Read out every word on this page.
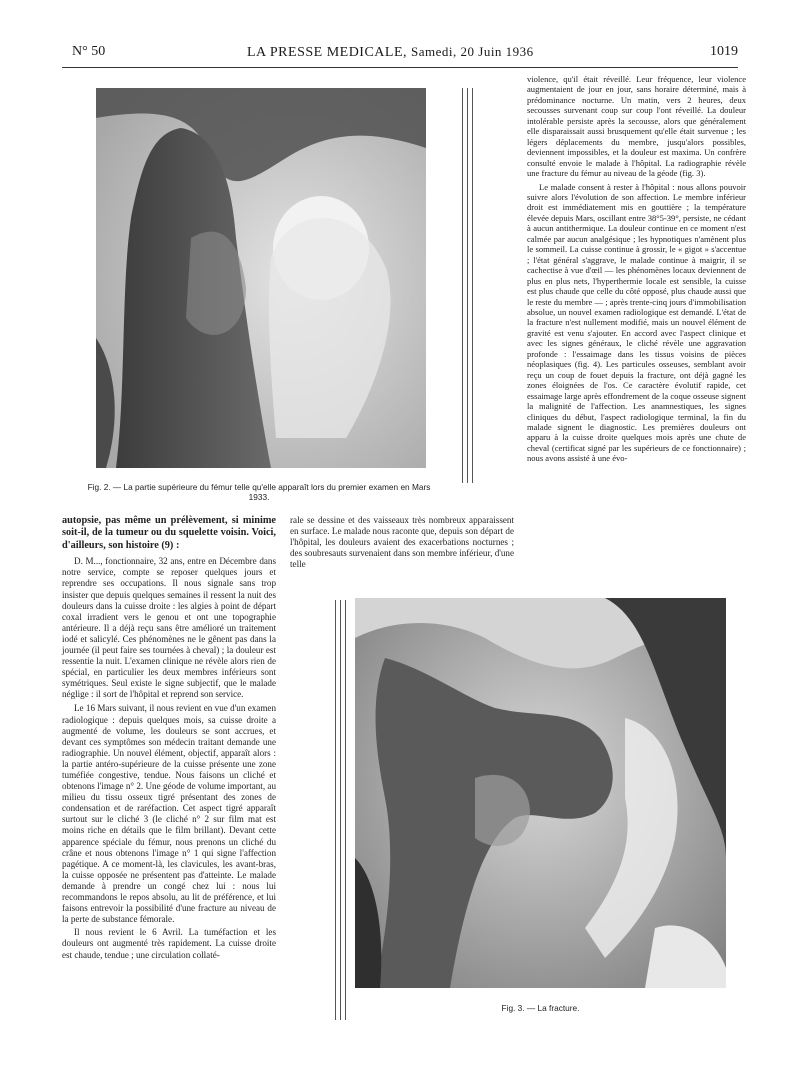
N° 50	LA PRESSE MEDICALE, Samedi, 20 Juin 1936	1019
Fig. 2. — La partie supérieure du fémur telle qu'elle apparaît lors du premier examen en Mars 1933.

autopsie, pas même un prélèvement, si minime soit-il, de la tumeur ou du squelette voisin. Voici, d'ailleurs, son histoire (9) :

D. M..., fonctionnaire, 32 ans, entre en Décembre dans notre service, compte se reposer quelques jours et reprendre ses occupations. Il nous signale sans trop insister que depuis quelques semaines il ressent la nuit des douleurs dans la cuisse droite : les algies à point de départ coxal irradient vers le genou et ont une topographie antérieure. Il a déjà reçu sans être amélioré un traitement iodé et salicylé. Ces phénomènes ne le gênent pas dans la journée (il peut faire ses tournées à cheval) ; la douleur est ressentie la nuit. L'examen clinique ne révèle alors rien de spécial, en particulier les deux membres inférieurs sont symétriques. Seul existe le signe subjectif, que le malade néglige : il sort de l'hôpital et reprend son service.

Le 16 Mars suivant, il nous revient en vue d'un examen radiologique : depuis quelques mois, sa cuisse droite a augmenté de volume, les douleurs se sont accrues, et devant ces symptômes son médecin traitant demande une radiographie. Un nouvel élément, objectif, apparaît alors : la partie antéro-supérieure de la cuisse présente une zone tuméfiée congestive, tendue. Nous faisons un cliché et obtenons l'image n° 2. Une géode de volume important, au milieu du tissu osseux tigré présentant des zones de condensation et de raréfaction. Cet aspect tigré apparaît surtout sur le cliché 3 (le cliché n° 2 sur film mat est moins riche en détails que le film brillant). Devant cette apparence spéciale du fémur, nous prenons un cliché du crâne et nous obtenons l'image n° 1 qui signe l'affection pagétique. A ce moment-là, les clavicules, les avant-bras, la cuisse opposée ne présentent pas d'atteinte. Le malade demande à prendre un congé chez lui : nous lui recommandons le repos absolu, au lit de préférence, et lui faisons entrevoir la possibilité d'une fracture au niveau de la perte de substance fémorale.

Il nous revient le 6 Avril. La tuméfaction et les douleurs ont augmenté très rapidement. La cuisse droite est chaude, tendue ; une circulation collaté-

rale se dessine et des vaisseaux très nombreux apparaissent en surface. Le malade nous raconte que, depuis son départ de l'hôpital, les douleurs avaient des exacerbations nocturnes ; des soubresauts survenaient dans son membre inférieur, d'une telle

violence, qu'il était réveillé. Leur fréquence, leur violence augmentaient de jour en jour, sans horaire déterminé, mais à prédominance nocturne. Un matin, vers 2 heures, deux secousses survenant coup sur coup l'ont réveillé. La douleur intolérable persiste après la secousse, alors que généralement elle disparaissait aussi brusquement qu'elle était survenue ; les légers déplacements du membre, jusqu'alors possibles, deviennent impossibles, et la douleur est maxima. Un confrère consulté envoie le malade à l'hôpital. La radiographie révèle une fracture du fémur au niveau de la géode (fig. 3).

Le malade consent à rester à l'hôpital : nous allons pouvoir suivre alors l'évolution de son affection. Le membre inférieur droit est immédiatement mis en gouttière ; la température élevée depuis Mars, oscillant entre 38°5-39°, persiste, ne cédant à aucun antithermique. La douleur continue en ce moment n'est calmée par aucun analgésique ; les hypnotiques n'amènent plus le sommeil. La cuisse continue à grossir, le « gigot » s'accentue ; l'état général s'aggrave, le malade continue à maigrir, il se cachectise à vue d'œil — les phénomènes locaux deviennent de plus en plus nets, l'hyperthermie locale est sensible, la cuisse est plus chaude que celle du côté opposé, plus chaude aussi que le reste du membre — ; après trente-cinq jours d'immobilisation absolue, un nouvel examen radiologique est demandé. L'état de la fracture n'est nullement modifié, mais un nouvel élément de gravité est venu s'ajouter. En accord avec l'aspect clinique et avec les signes généraux, le cliché révèle une aggravation profonde : l'essaimage dans les tissus voisins de pièces néoplasiques (fig. 4). Les particules osseuses, semblant avoir reçu un coup de fouet depuis la fracture, ont déjà gagné les zones éloignées de l'os. Ce caractère évolutif rapide, cet essaimage large après effondrement de la coque osseuse signent la malignité de l'affection. Les anamnestiques, les signes cliniques du début, l'aspect radiologique terminal, la fin du malade signent le diagnostic. Les premières douleurs ont apparu à la cuisse droite quelques mois après une chute de cheval (certificat signé par les supérieurs de ce fonctionnaire) ; nous avons assisté à une évo-

Fig. 3. — La fracture.
